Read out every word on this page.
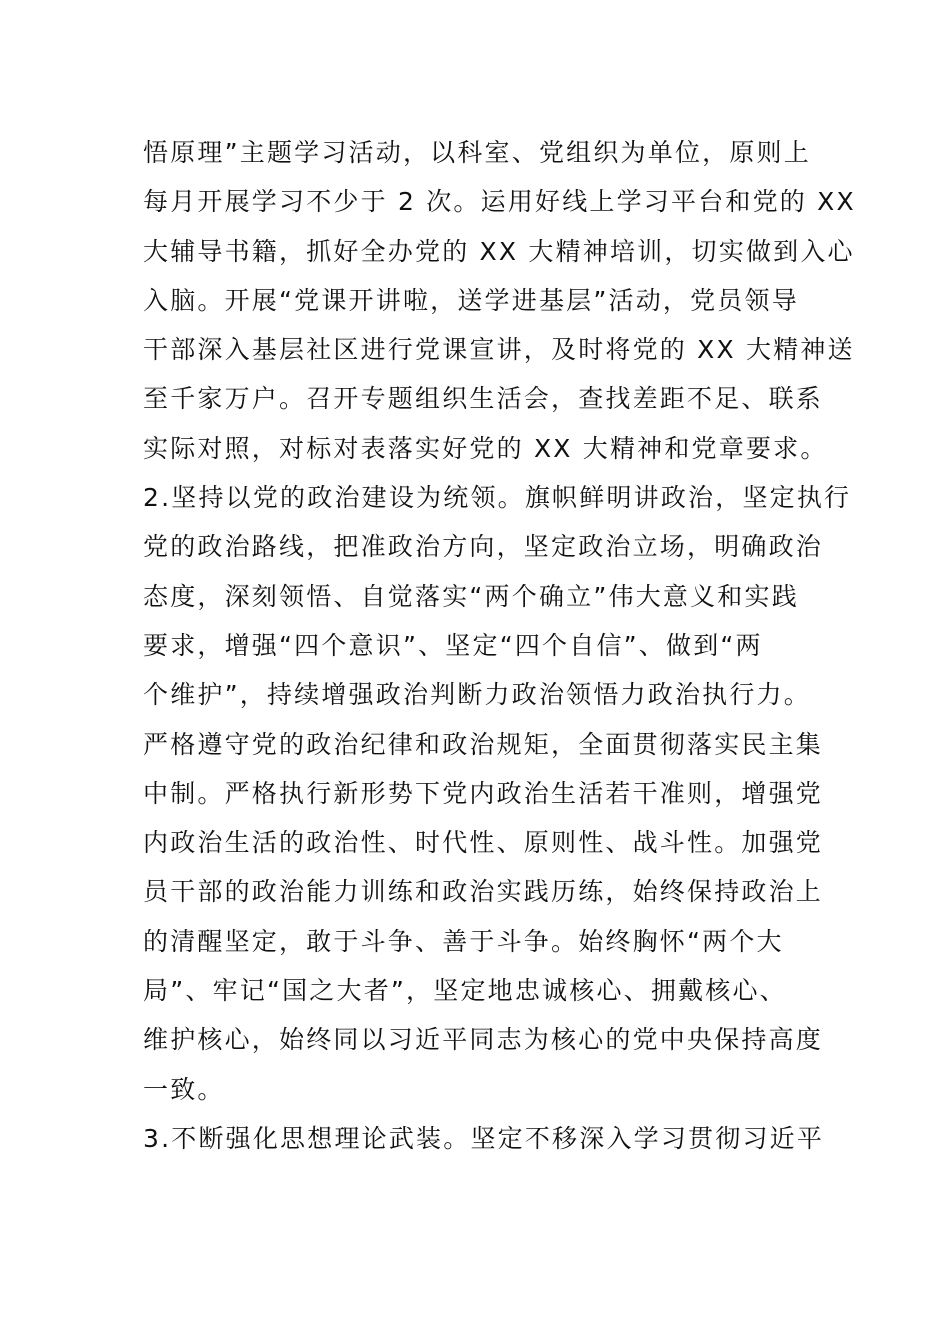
悟原理”主题学习活动，以科室、党组织为单位，原则上
每月开展学习不少于 2 次。运用好线上学习平台和党的 XX
大辅导书籍，抓好全办党的 XX 大精神培训，切实做到入心
入脑。开展“党课开讲啦，送学进基层”活动，党员领导
干部深入基层社区进行党课宣讲，及时将党的 XX 大精神送
至千家万户。召开专题组织生活会，查找差距不足、联系
实际对照，对标对表落实好党的 XX 大精神和党章要求。
2.坚持以党的政治建设为统领。旗帜鲜明讲政治，坚定执行
党的政治路线，把准政治方向，坚定政治立场，明确政治
态度，深刻领悟、自觉落实“两个确立”伟大意义和实践
要求，增强“四个意识”、坚定“四个自信”、做到“两
个维护”，持续增强政治判断力政治领悟力政治执行力。
严格遵守党的政治纪律和政治规矩，全面贯彻落实民主集
中制。严格执行新形势下党内政治生活若干准则，增强党
内政治生活的政治性、时代性、原则性、战斗性。加强党
员干部的政治能力训练和政治实践历练，始终保持政治上
的清醒坚定，敢于斗争、善于斗争。始终胸怀“两个大
局”、牢记“国之大者”，坚定地忠诚核心、拥戴核心、
维护核心，始终同以习近平同志为核心的党中央保持高度
一致。
3.不断强化思想理论武装。坚定不移深入学习贯彻习近平
